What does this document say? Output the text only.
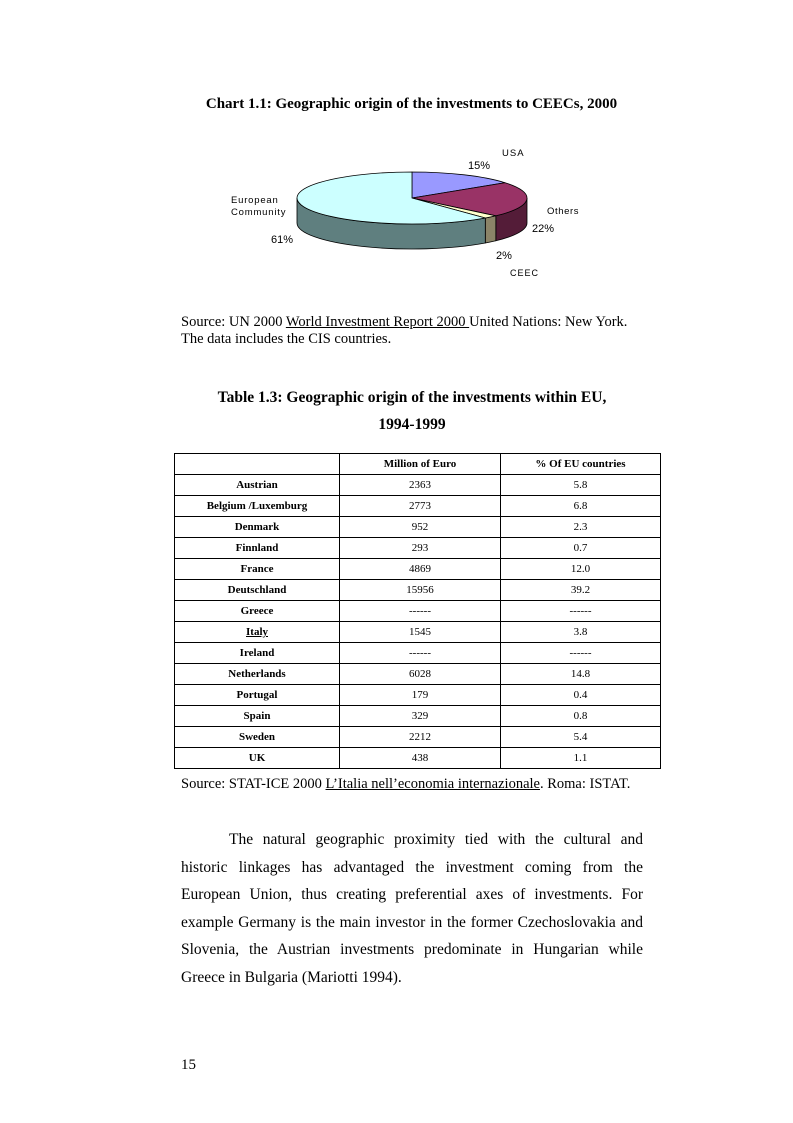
Chart 1.1: Geographic origin of the investments to CEECs, 2000
USA
15%
European
Community
61%
Others
22%
2%
CEEC
Source: UN 2000 World Investment Report 2000 United Nations: New York.
The data includes the CIS countries.
Table 1.3: Geographic origin of the investments within EU,
1994-1999
	Million of Euro	% Of EU countries
Austrian	2363	5.8
Belgium /Luxemburg	2773	6.8
Denmark	952	2.3
Finnland	293	0.7
France	4869	12.0
Deutschland	15956	39.2
Greece	------	------
Italy	1545	3.8
Ireland	------	------
Netherlands	6028	14.8
Portugal	179	0.4
Spain	329	0.8
Sweden	2212	5.4
UK	438	1.1
Source: STAT-ICE 2000 L’Italia nell’economia internazionale. Roma: ISTAT.
The natural geographic proximity tied with the cultural and historic linkages has advantaged the investment coming from the European Union, thus creating preferential axes of investments. For example Germany is the main investor in the former Czechoslovakia and Slovenia, the Austrian investments predominate in Hungarian while Greece in Bulgaria (Mariotti 1994).
15
